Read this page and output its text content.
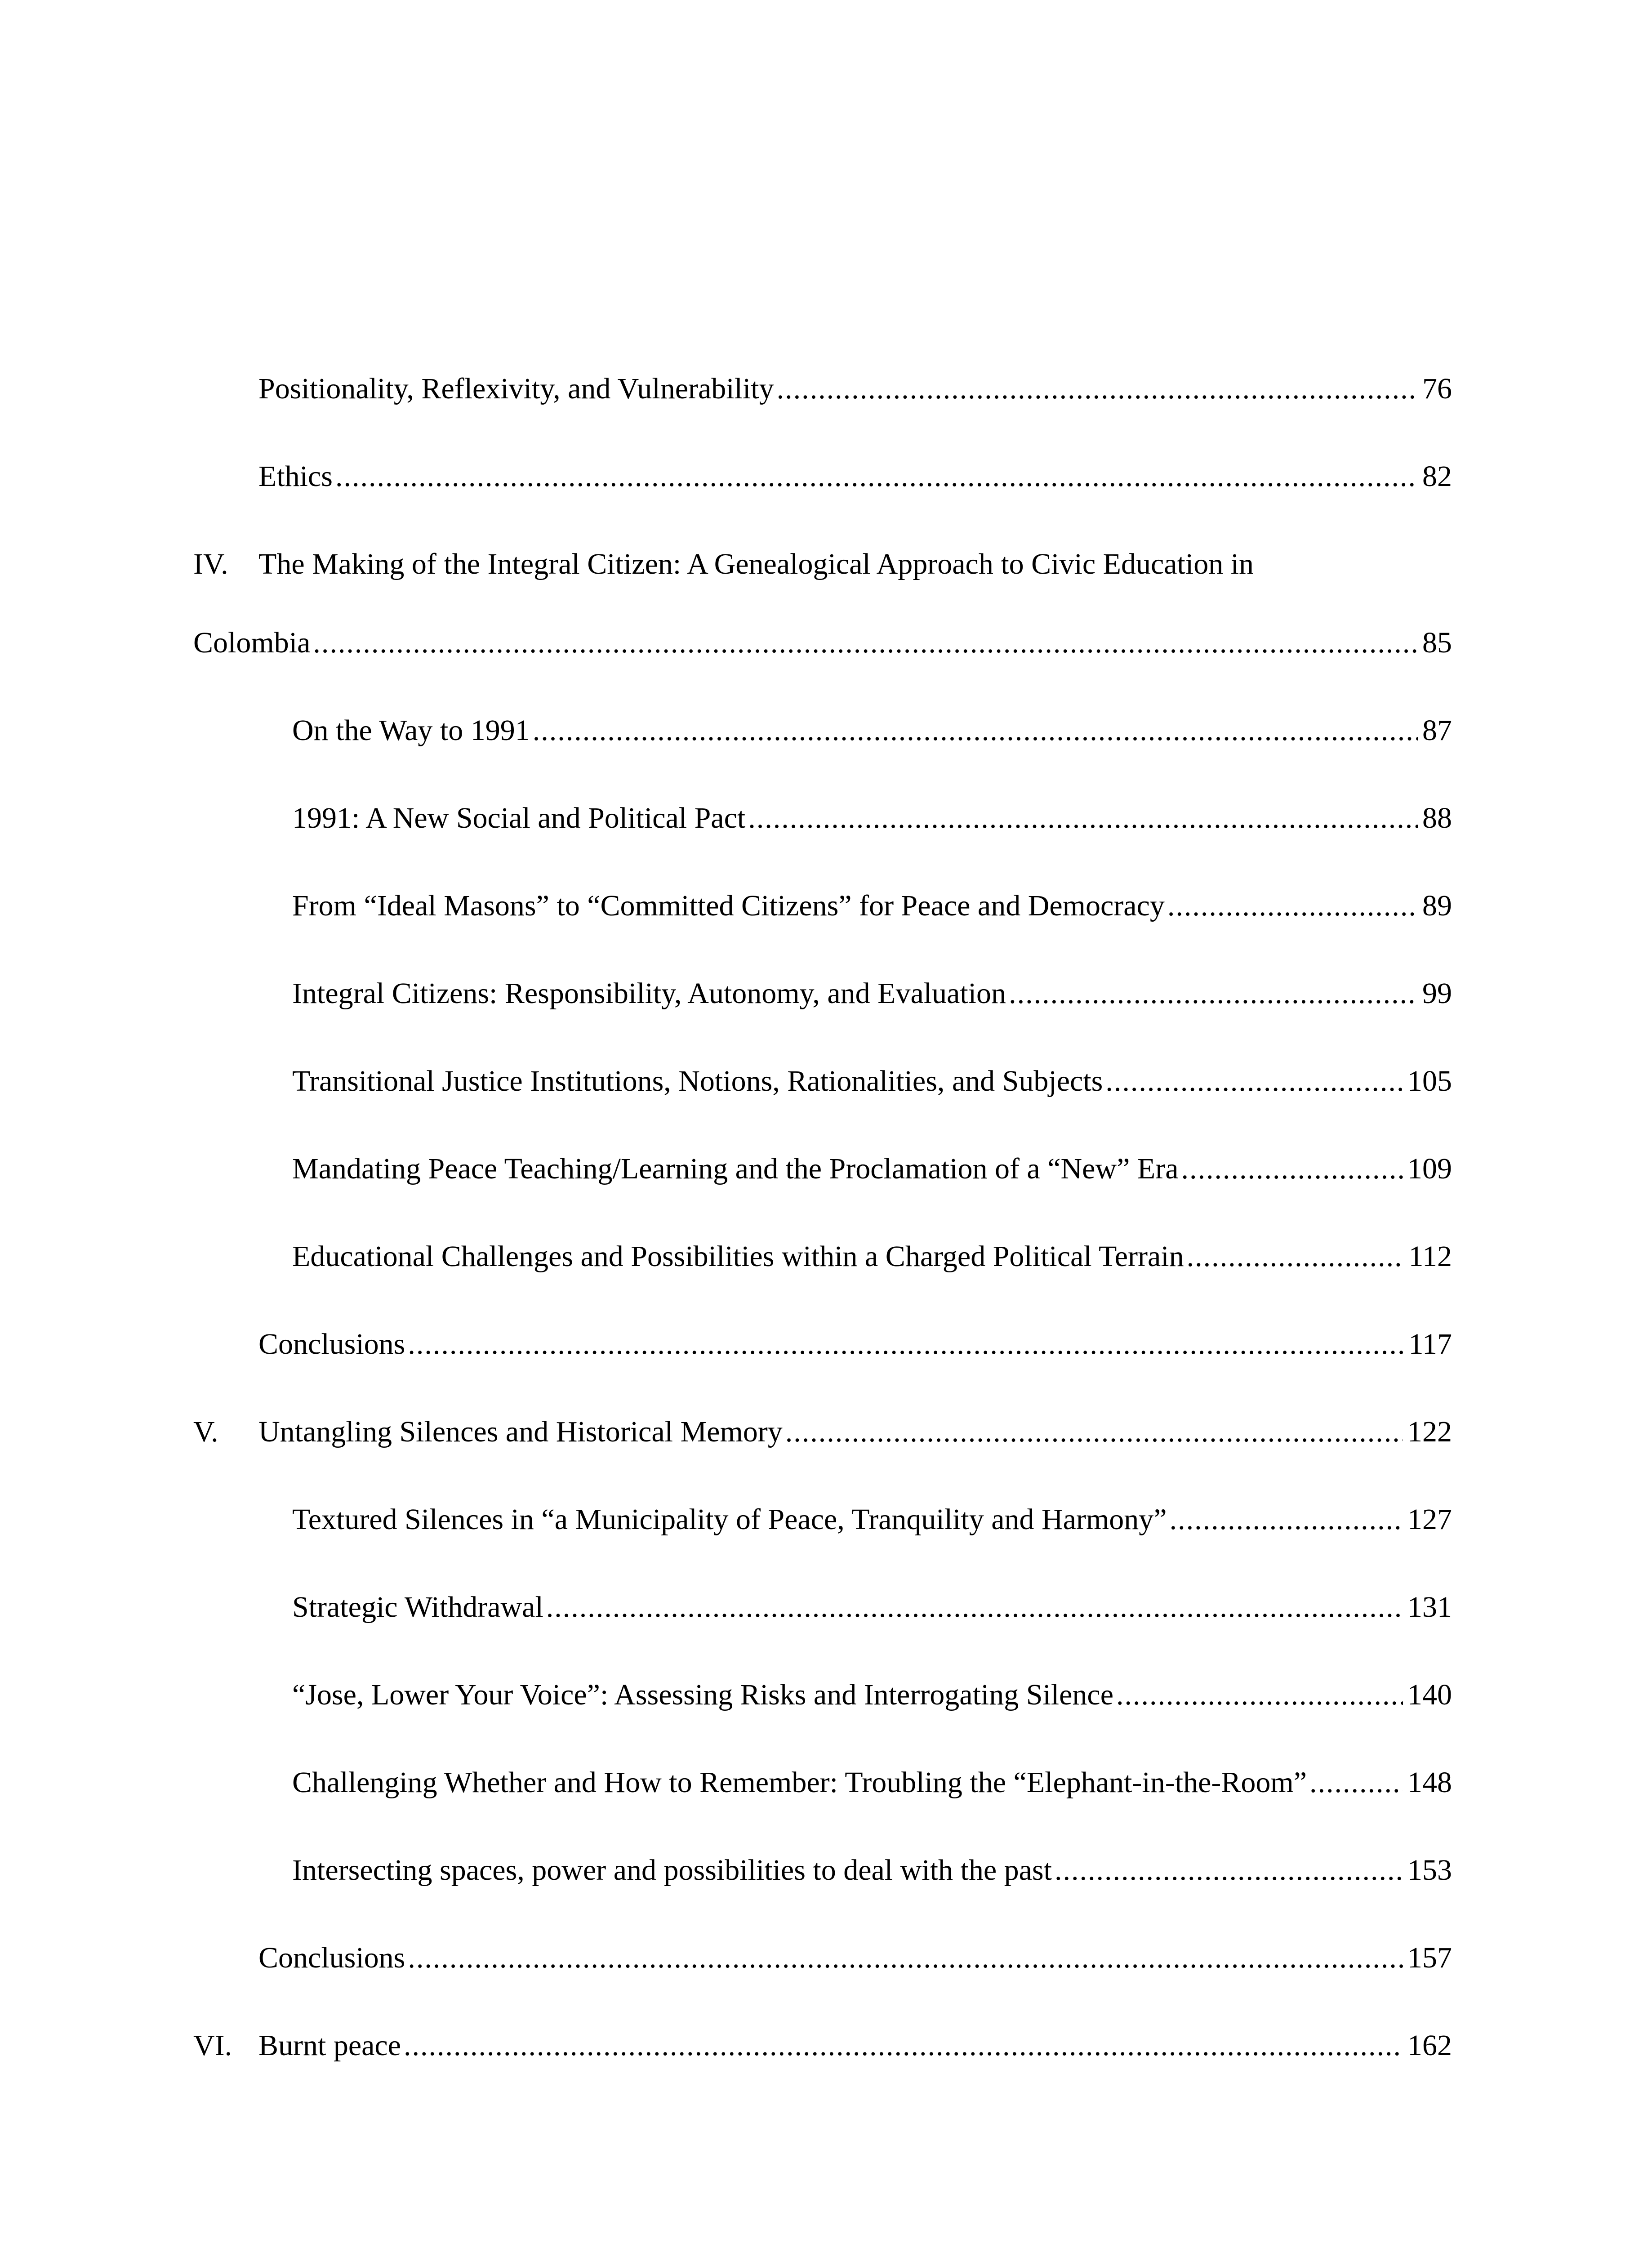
Positionality, Reflexivity, and Vulnerability .....	76
Ethics .....	82
IV.	The Making of the Integral Citizen: A Genealogical Approach to Civic Education in
Colombia .....	85
On the Way to 1991 .....	87
1991: A New Social and Political Pact .....	88
From “Ideal Masons” to “Committed Citizens” for Peace and Democracy .....	89
Integral Citizens: Responsibility, Autonomy, and Evaluation .....	99
Transitional Justice Institutions, Notions, Rationalities, and Subjects .....	105
Mandating Peace Teaching/Learning and the Proclamation of a “New” Era .....	109
Educational Challenges and Possibilities within a Charged Political Terrain .....	112
Conclusions .....	117
V. Untangling Silences and Historical Memory .....	122
Textured Silences in “a Municipality of Peace, Tranquility and Harmony” .....	127
Strategic Withdrawal .....	131
“Jose, Lower Your Voice”: Assessing Risks and Interrogating Silence .....	140
Challenging Whether and How to Remember: Troubling the “Elephant-in-the-Room” .....	148
Intersecting spaces, power and possibilities to deal with the past .....	153
Conclusions .....	157
VI. Burnt peace .....	162
